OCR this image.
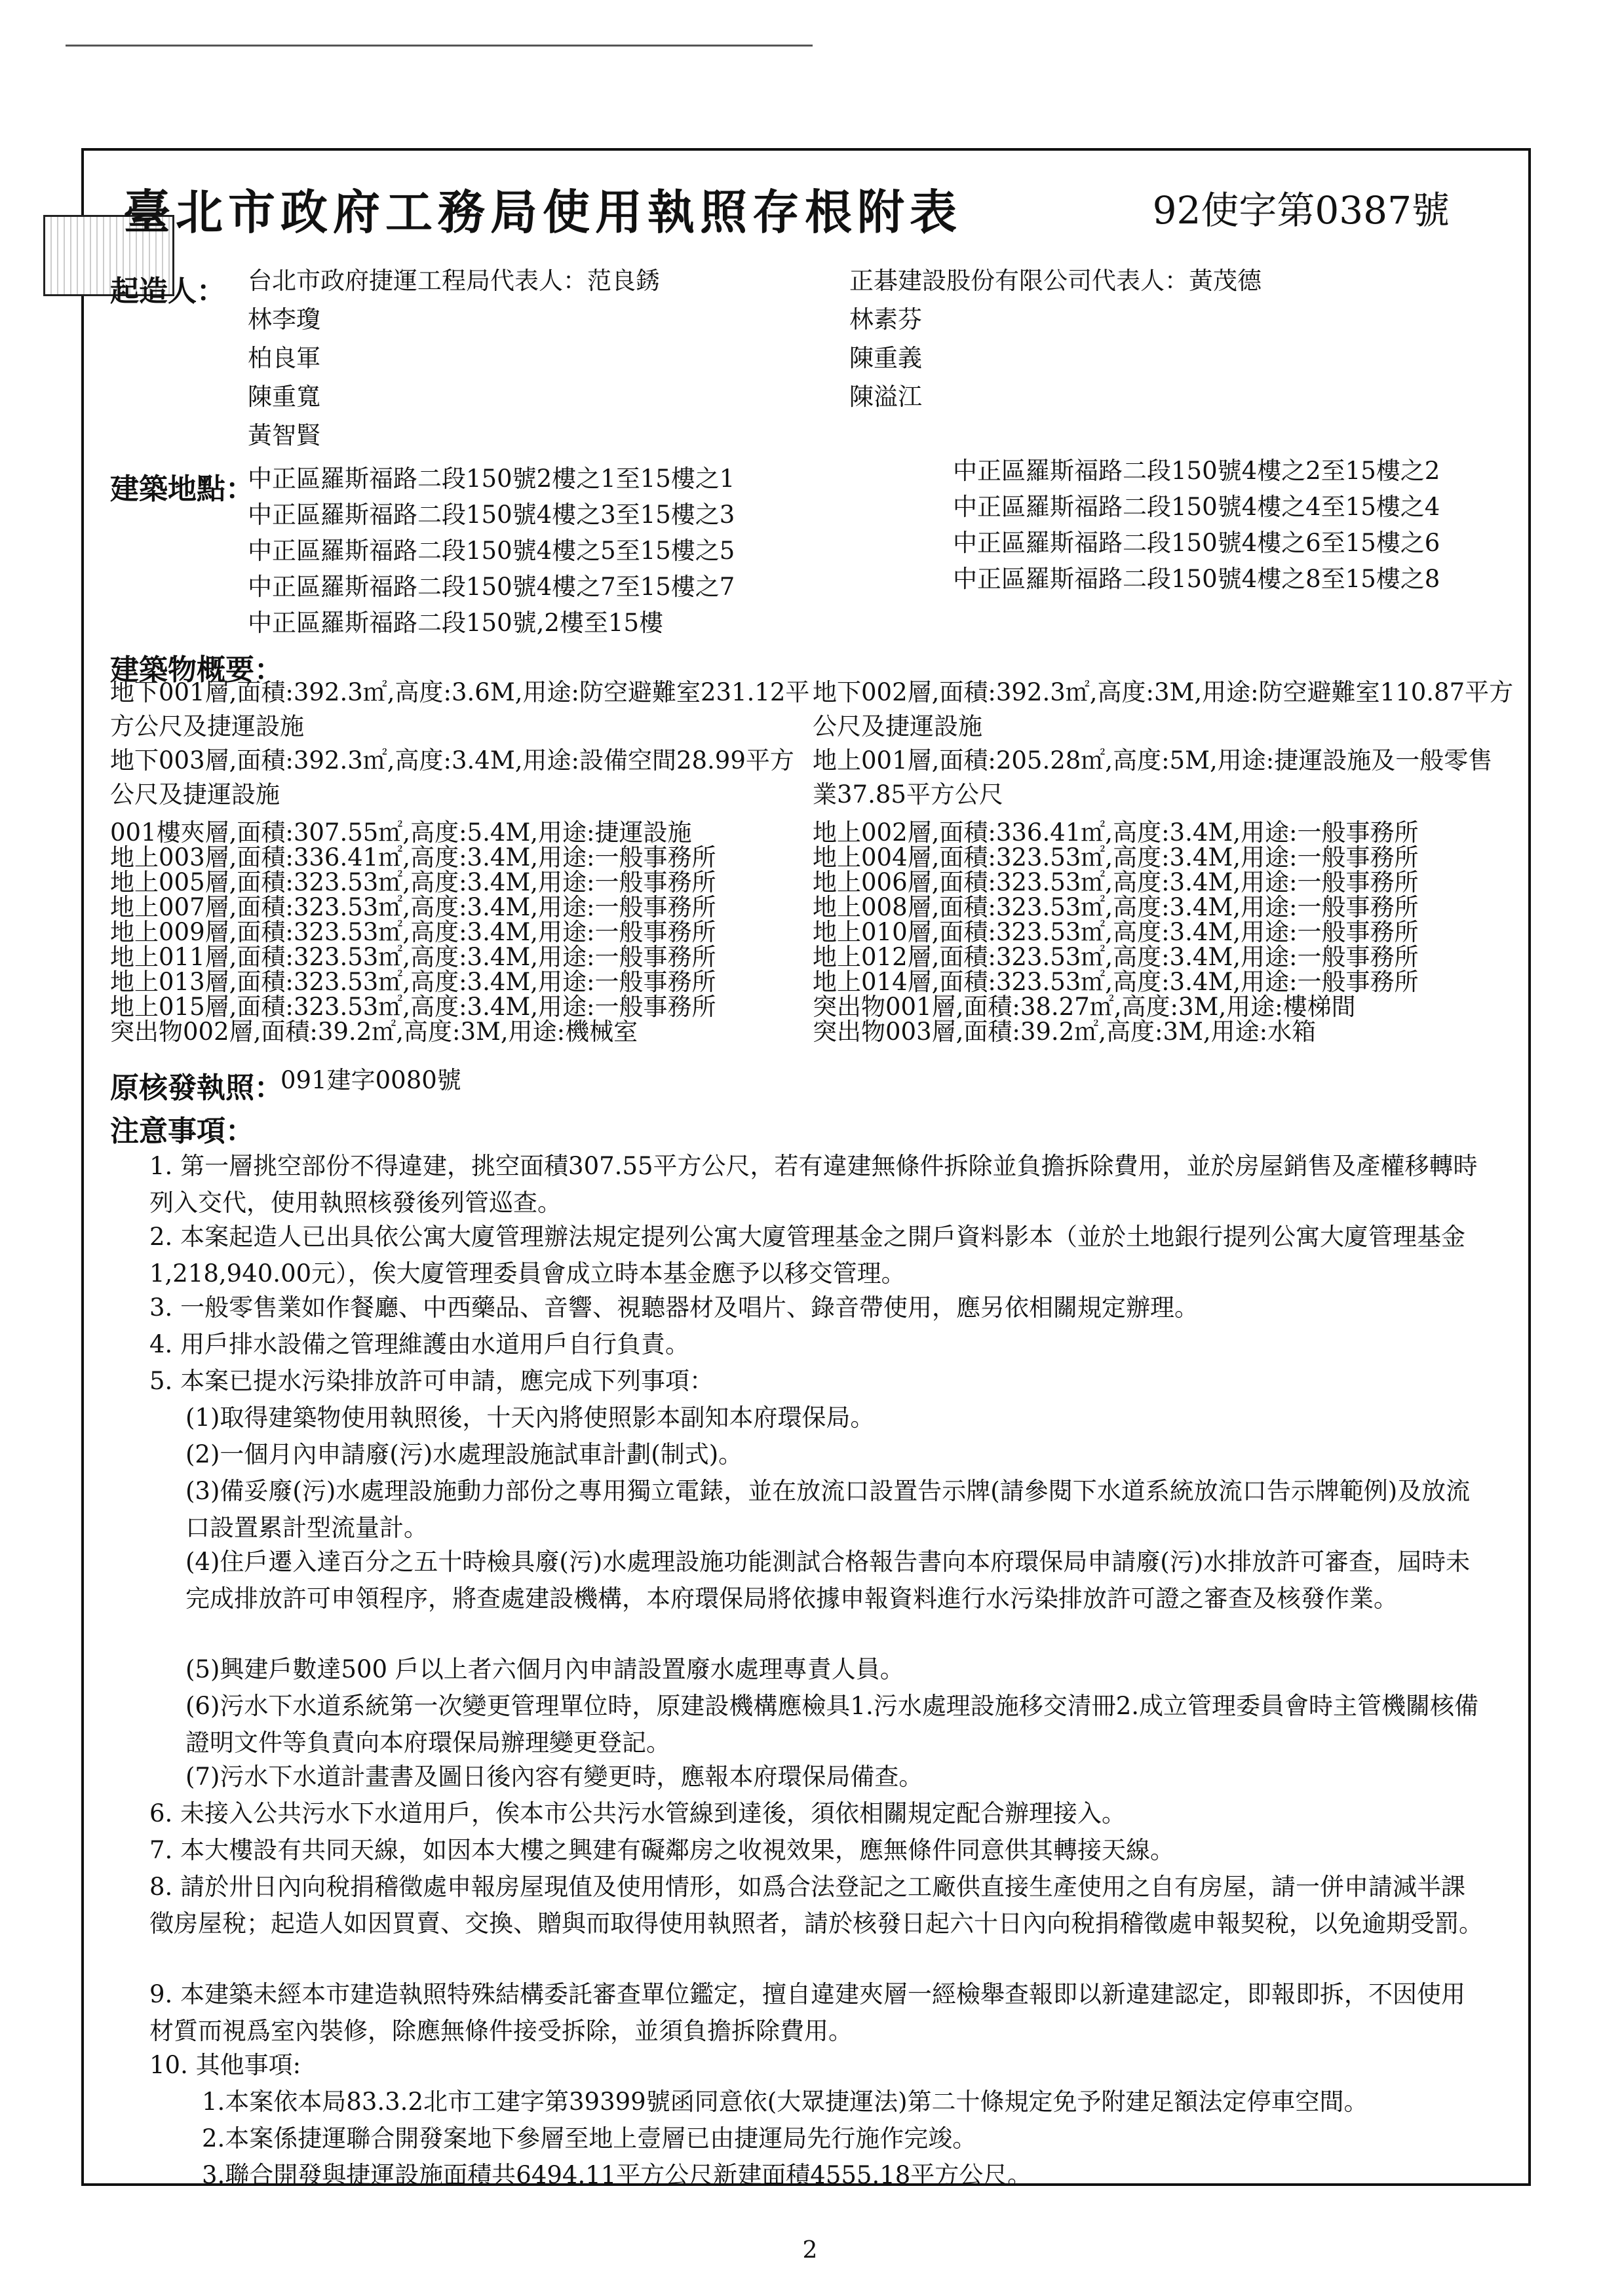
臺北市政府工務局使用執照存根附表	92使字第0387號
起造人： 台北市政府捷運工程局代表人：范良銹
林李瓊
柏良軍
陳重寬
黃智賢
正碁建設股份有限公司代表人：黃茂德
林素芬
陳重義
陳溢江
建築地點：
中正區羅斯福路二段150號2樓之1至15樓之1
中正區羅斯福路二段150號4樓之3至15樓之3
中正區羅斯福路二段150號4樓之5至15樓之5
中正區羅斯福路二段150號4樓之7至15樓之7
中正區羅斯福路二段150號,2樓至15樓
中正區羅斯福路二段150號4樓之2至15樓之2
中正區羅斯福路二段150號4樓之4至15樓之4
中正區羅斯福路二段150號4樓之6至15樓之6
中正區羅斯福路二段150號4樓之8至15樓之8
建築物概要：
地下001層,面積:392.3㎡,高度:3.6M,用途:防空避難室231.12平
方公尺及捷運設施
地下003層,面積:392.3㎡,高度:3.4M,用途:設備空間28.99平方
公尺及捷運設施
地下002層,面積:392.3㎡,高度:3M,用途:防空避難室110.87平方
公尺及捷運設施
地上001層,面積:205.28㎡,高度:5M,用途:捷運設施及一般零售
業37.85平方公尺
001樓夾層,面積:307.55㎡,高度:5.4M,用途:捷運設施
地上003層,面積:336.41㎡,高度:3.4M,用途:一般事務所
地上005層,面積:323.53㎡,高度:3.4M,用途:一般事務所
地上007層,面積:323.53㎡,高度:3.4M,用途:一般事務所
地上009層,面積:323.53㎡,高度:3.4M,用途:一般事務所
地上011層,面積:323.53㎡,高度:3.4M,用途:一般事務所
地上013層,面積:323.53㎡,高度:3.4M,用途:一般事務所
地上015層,面積:323.53㎡,高度:3.4M,用途:一般事務所
突出物002層,面積:39.2㎡,高度:3M,用途:機械室
地上002層,面積:336.41㎡,高度:3.4M,用途:一般事務所
地上004層,面積:323.53㎡,高度:3.4M,用途:一般事務所
地上006層,面積:323.53㎡,高度:3.4M,用途:一般事務所
地上008層,面積:323.53㎡,高度:3.4M,用途:一般事務所
地上010層,面積:323.53㎡,高度:3.4M,用途:一般事務所
地上012層,面積:323.53㎡,高度:3.4M,用途:一般事務所
地上014層,面積:323.53㎡,高度:3.4M,用途:一般事務所
突出物001層,面積:38.27㎡,高度:3M,用途:樓梯間
突出物003層,面積:39.2㎡,高度:3M,用途:水箱
原核發執照：
091建字0080號
注意事項：
1. 第一層挑空部份不得違建，挑空面積307.55平方公尺，若有違建無條件拆除並負擔拆除費用，並於房屋銷售及產權移轉時列入交代，使用執照核發後列管巡查。
2. 本案起造人已出具依公寓大廈管理辦法規定提列公寓大廈管理基金之開戶資料影本（並於土地銀行提列公寓大廈管理基金1,218,940.00元），俟大廈管理委員會成立時本基金應予以移交管理。
3. 一般零售業如作餐廳、中西藥品、音響、視聽器材及唱片、錄音帶使用，應另依相關規定辦理。
4. 用戶排水設備之管理維護由水道用戶自行負責。
5. 本案已提水污染排放許可申請，應完成下列事項：
(1)取得建築物使用執照後，十天內將使照影本副知本府環保局。
(2)一個月內申請廢(污)水處理設施試車計劃(制式)。
(3)備妥廢(污)水處理設施動力部份之專用獨立電錶，並在放流口設置告示牌(請參閱下水道系統放流口告示牌範例)及放流口設置累計型流量計。
(4)住戶遷入達百分之五十時檢具廢(污)水處理設施功能測試合格報告書向本府環保局申請廢(污)水排放許可審查，屆時未完成排放許可申領程序，將查處建設機構，本府環保局將依據申報資料進行水污染排放許可證之審查及核發作業。
(5)興建戶數達500 戶以上者六個月內申請設置廢水處理專責人員。
(6)污水下水道系統第一次變更管理單位時，原建設機構應檢具1.污水處理設施移交清冊2.成立管理委員會時主管機關核備證明文件等負責向本府環保局辦理變更登記。
(7)污水下水道計畫書及圖日後內容有變更時，應報本府環保局備查。
6. 未接入公共污水下水道用戶，俟本市公共污水管線到達後，須依相關規定配合辦理接入。
7. 本大樓設有共同天線，如因本大樓之興建有礙鄰房之收視效果，應無條件同意供其轉接天線。
8. 請於卅日內向稅捐稽徵處申報房屋現值及使用情形，如爲合法登記之工廠供直接生產使用之自有房屋，請一併申請減半課徵房屋稅；起造人如因買賣、交換、贈與而取得使用執照者，請於核發日起六十日內向稅捐稽徵處申報契稅，以免逾期受罰。
9. 本建築未經本市建造執照特殊結構委託審查單位鑑定，擅自違建夾層一經檢舉查報即以新違建認定，即報即拆，不因使用材質而視爲室內裝修，除應無條件接受拆除，並須負擔拆除費用。
10. 其他事項:
1.本案依本局83.3.2北市工建字第39399號函同意依(大眾捷運法)第二十條規定免予附建足額法定停車空間。
2.本案係捷運聯合開發案地下參層至地上壹層已由捷運局先行施作完竣。
3.聯合開發與捷運設施面積共6494.11平方公尺新建面積4555.18平方公尺。
2
